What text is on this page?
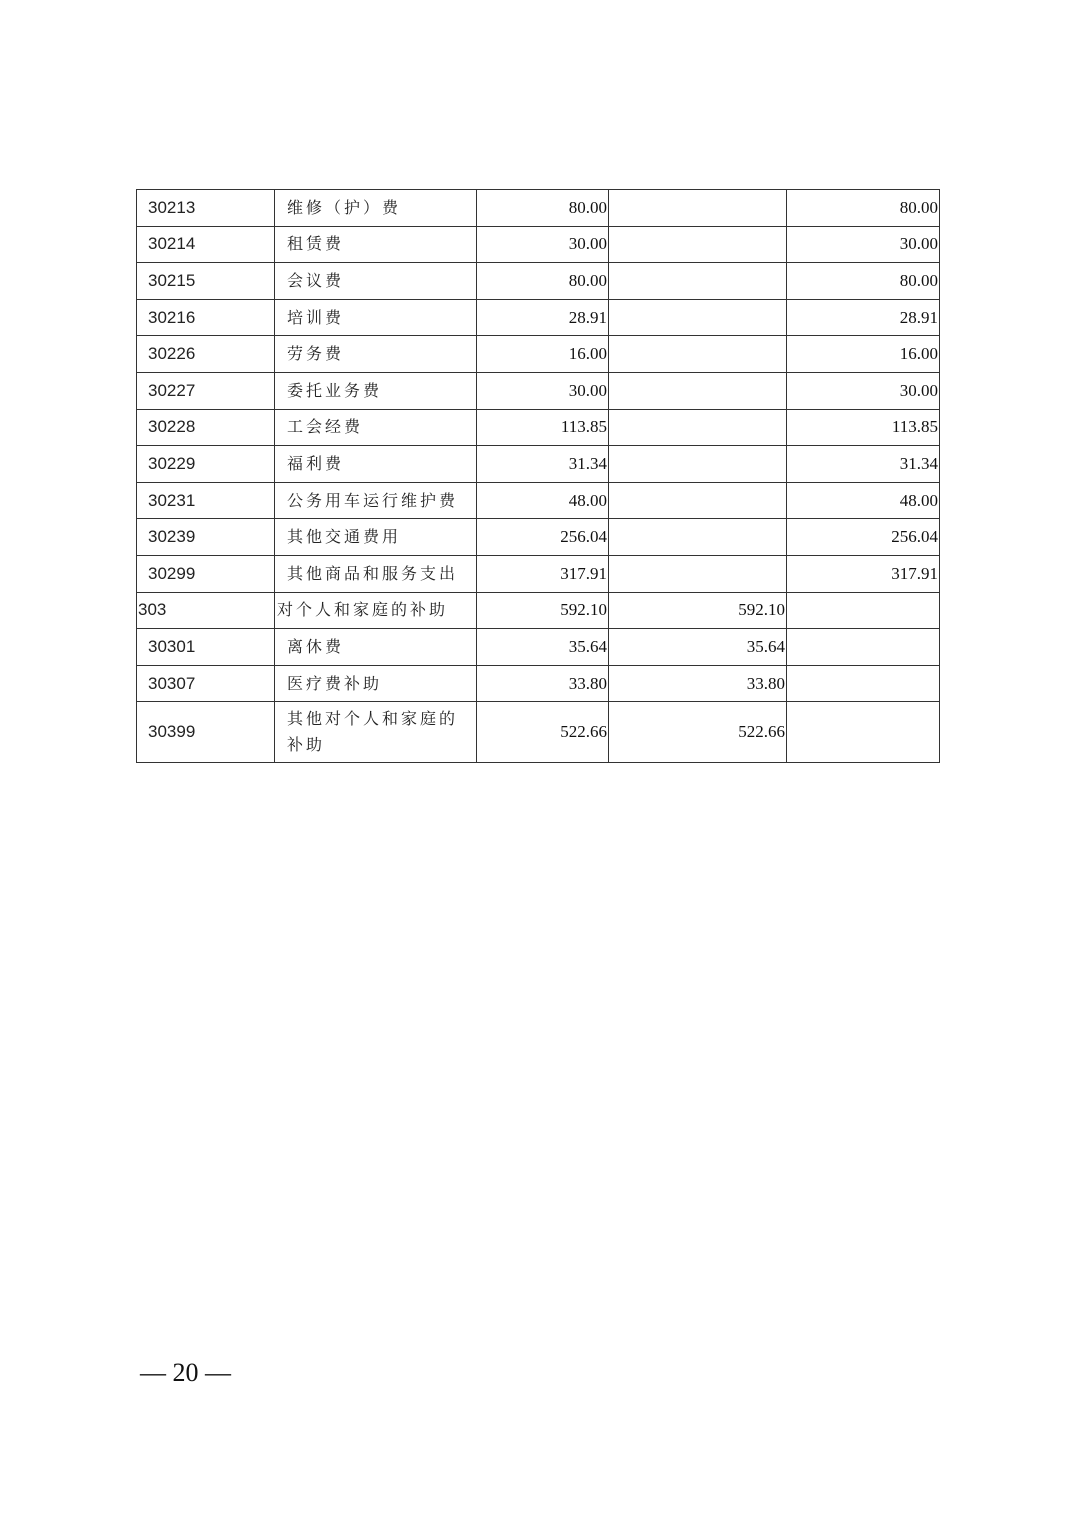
30213	维修（护）费	80.00		80.00
30214	租赁费	30.00		30.00
30215	会议费	80.00		80.00
30216	培训费	28.91		28.91
30226	劳务费	16.00		16.00
30227	委托业务费	30.00		30.00
30228	工会经费	113.85		113.85
30229	福利费	31.34		31.34
30231	公务用车运行维护费	48.00		48.00
30239	其他交通费用	256.04		256.04
30299	其他商品和服务支出	317.91		317.91
303	对个人和家庭的补助	592.10	592.10	
30301	离休费	35.64	35.64	
30307	医疗费补助	33.80	33.80	
30399	其他对个人和家庭的补助	522.66	522.66	
— 20 —
